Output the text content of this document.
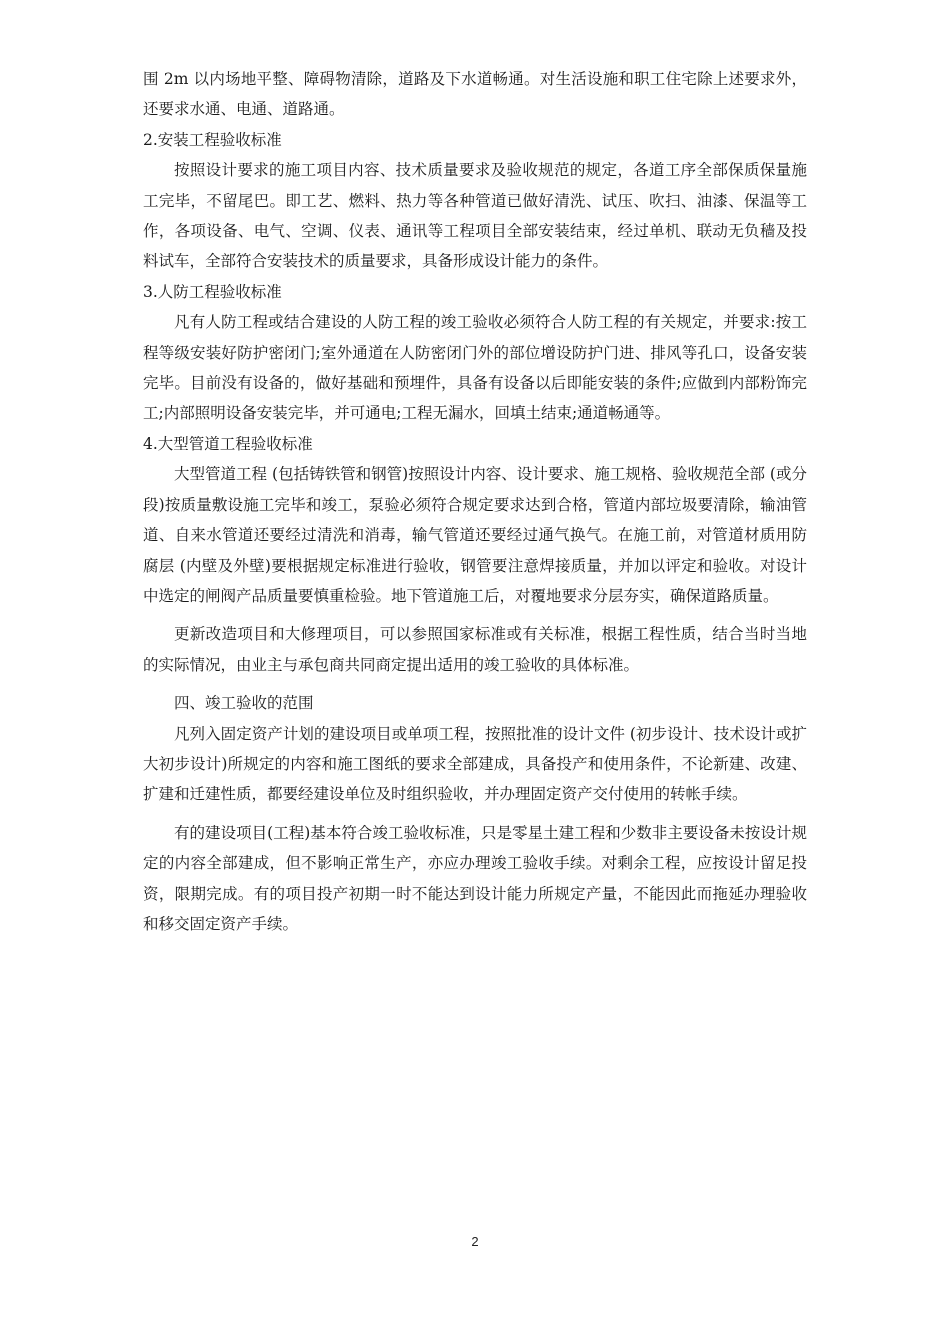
围 2m 以内场地平整、障碍物清除，道路及下水道畅通。对生活设施和职工住宅除上述要求外，还要求水通、电通、道路通。

2.安装工程验收标准

按照设计要求的施工项目内容、技术质量要求及验收规范的规定，各道工序全部保质保量施工完毕，不留尾巴。即工艺、燃料、热力等各种管道已做好清洗、试压、吹扫、油漆、保温等工作，各项设备、电气、空调、仪表、通讯等工程项目全部安装结束，经过单机、联动无负穑及投料试车，全部符合安装技术的质量要求，具备形成设计能力的条件。

3.人防工程验收标准

凡有人防工程或结合建设的人防工程的竣工验收必须符合人防工程的有关规定，并要求:按工程等级安装好防护密闭门;室外通道在人防密闭门外的部位增设防护门进、排风等孔口，设备安装完毕。目前没有设备的，做好基础和预埋件，具备有设备以后即能安装的条件;应做到内部粉饰完工;内部照明设备安装完毕，并可通电;工程无漏水，回填土结束;通道畅通等。

4.大型管道工程验收标准

大型管道工程 (包括铸铁管和钢管)按照设计内容、设计要求、施工规格、验收规范全部 (或分段)按质量敷设施工完毕和竣工，泵验必须符合规定要求达到合格，管道内部垃圾要清除，输油管道、自来水管道还要经过清洗和消毒，输气管道还要经过通气换气。在施工前，对管道材质用防腐层 (内壁及外壁)要根据规定标准进行验收，钢管要注意焊接质量，并加以评定和验收。对设计中选定的闸阀产品质量要慎重检验。地下管道施工后，对覆地要求分层夯实，确保道路质量。

更新改造项目和大修理项目，可以参照国家标准或有关标准，根据工程性质，结合当时当地的实际情况，由业主与承包商共同商定提出适用的竣工验收的具体标准。

四、竣工验收的范围

凡列入固定资产计划的建设项目或单项工程，按照批准的设计文件 (初步设计、技术设计或扩大初步设计)所规定的内容和施工图纸的要求全部建成，具备投产和使用条件，不论新建、改建、扩建和迁建性质，都要经建设单位及时组织验收，并办理固定资产交付使用的转帐手续。

有的建设项目(工程)基本符合竣工验收标准，只是零星土建工程和少数非主要设备未按设计规定的内容全部建成，但不影响正常生产，亦应办理竣工验收手续。对剩余工程，应按设计留足投资，限期完成。有的项目投产初期一时不能达到设计能力所规定产量，不能因此而拖延办理验收和移交固定资产手续。

2
